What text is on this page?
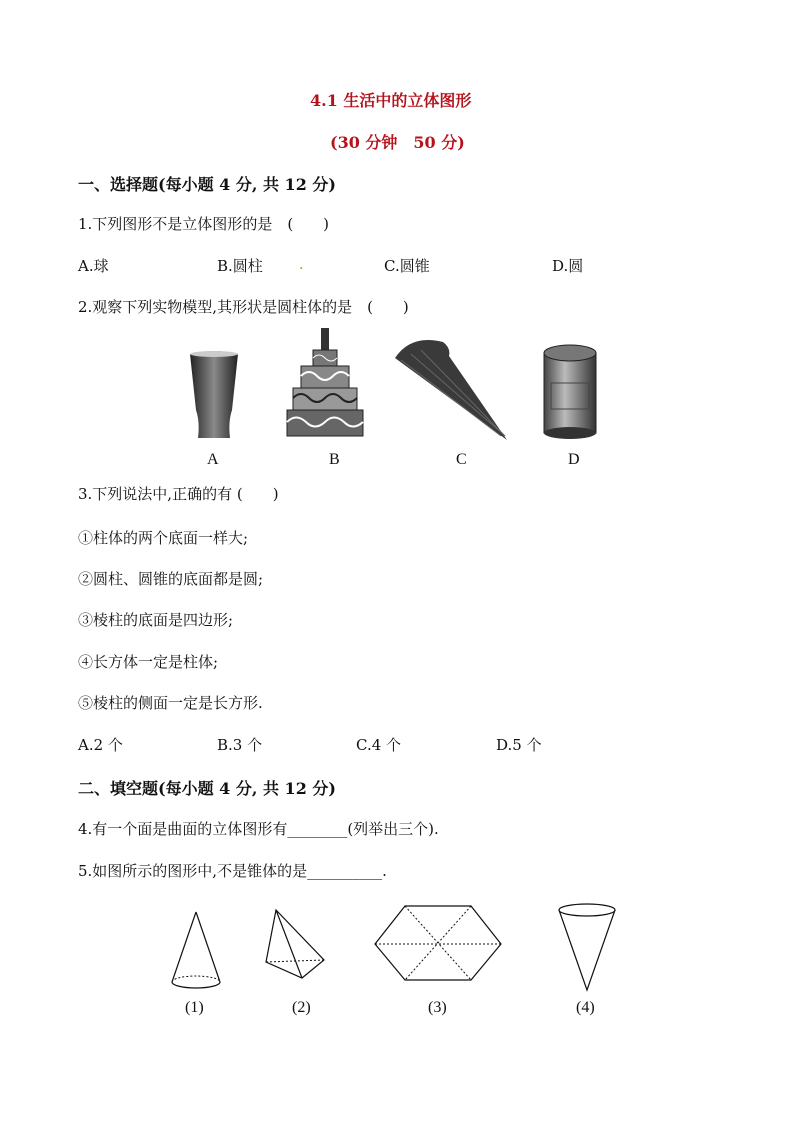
4.1 生活中的立体图形
(30 分钟　50 分)
一、选择题(每小题 4 分, 共 12 分)
1.下列图形不是立体图形的是　(　　)
A.球	B.圆柱	.	C.圆锥	D.圆
2.观察下列实物模型,其形状是圆柱体的是　(　　)
A	B	C	D
3.下列说法中,正确的有 (　　)
①柱体的两个底面一样大;
②圆柱、圆锥的底面都是圆;
③棱柱的底面是四边形;
④长方体一定是柱体;
⑤棱柱的侧面一定是长方形.
A.2 个	B.3 个	C.4 个	D.5 个
二、填空题(每小题 4 分, 共 12 分)
4.有一个面是曲面的立体图形有________(列举出三个).
5.如图所示的图形中,不是锥体的是__________.
(1)	(2)	(3)	(4)
